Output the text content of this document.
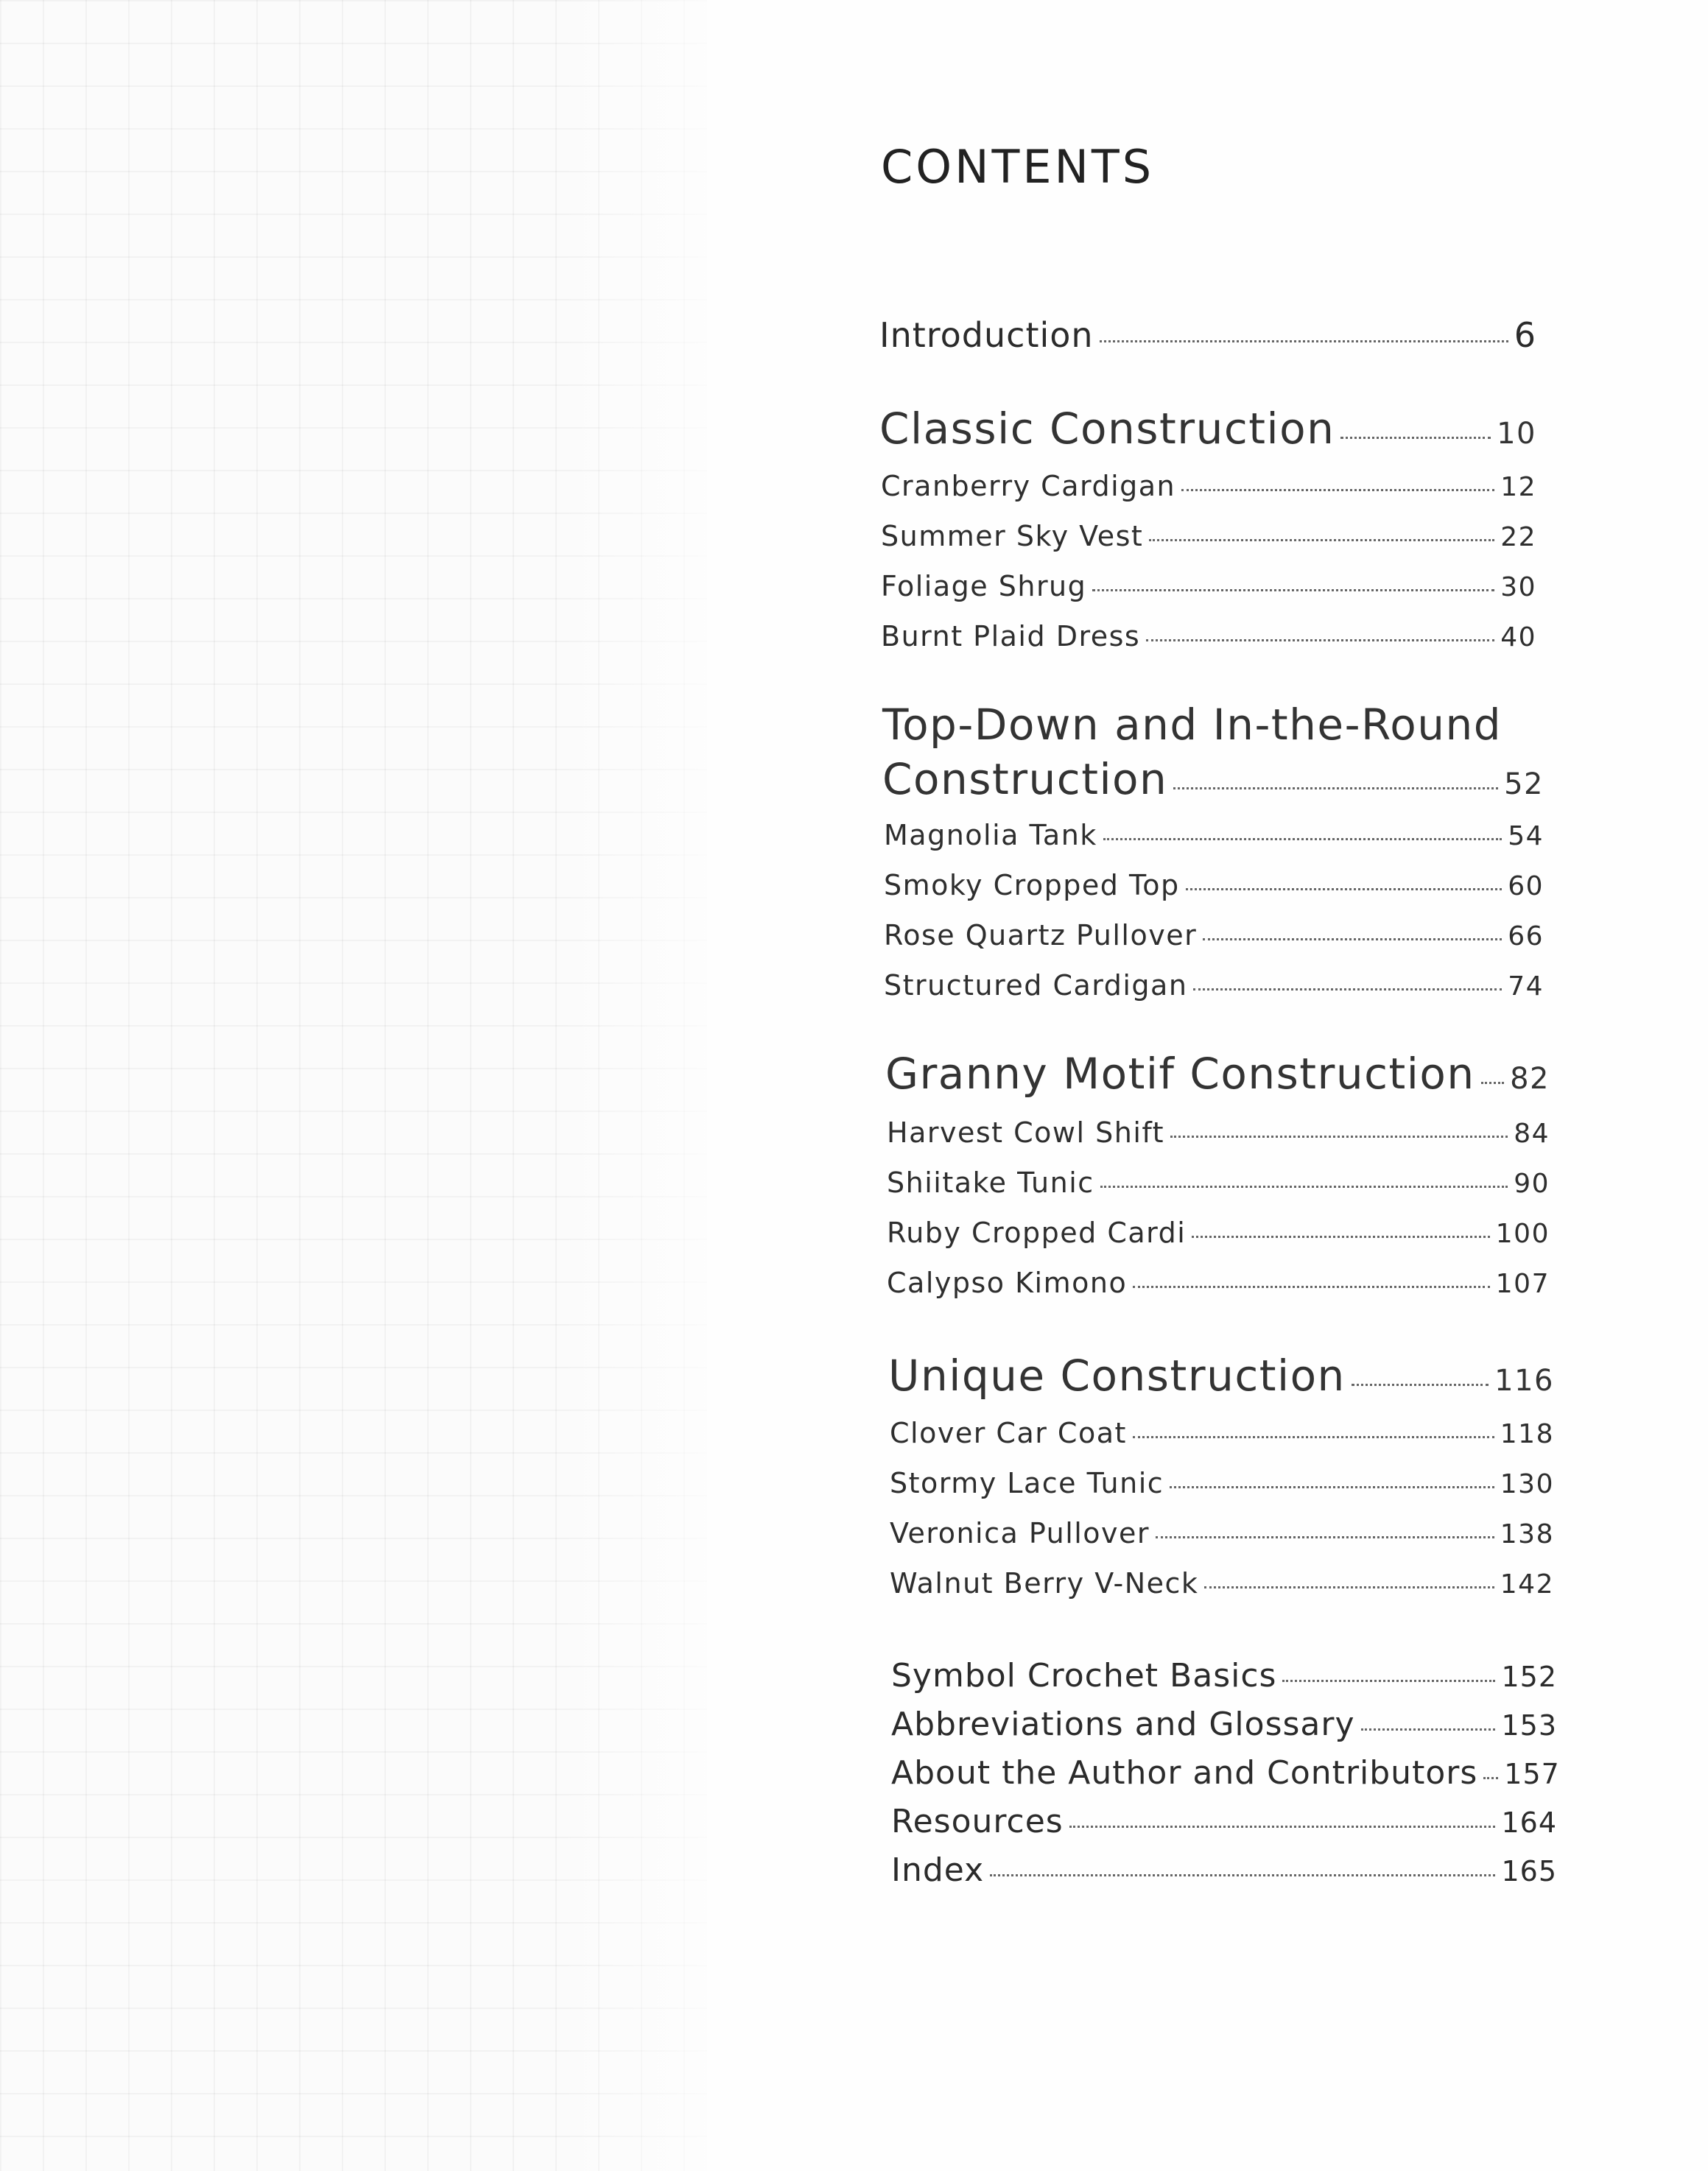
CONTENTS
Introduction	6
Classic Construction	10
Cranberry Cardigan	12
Summer Sky Vest	22
Foliage Shrug	30
Burnt Plaid Dress	40
Top-Down and In-the-Round
Construction	52
Magnolia Tank	54
Smoky Cropped Top	60
Rose Quartz Pullover	66
Structured Cardigan	74
Granny Motif Construction 82
Harvest Cowl Shift	84
Shiitake Tunic	90
Ruby Cropped Cardi	100
Calypso Kimono	107
Unique Construction	116
Clover Car Coat	118
Stormy Lace Tunic	130
Veronica Pullover	138
Walnut Berry V-Neck	142
Symbol Crochet Basics	152
Abbreviations and Glossary	153
About the Author and Contributors 157
Resources	164
Index	165
